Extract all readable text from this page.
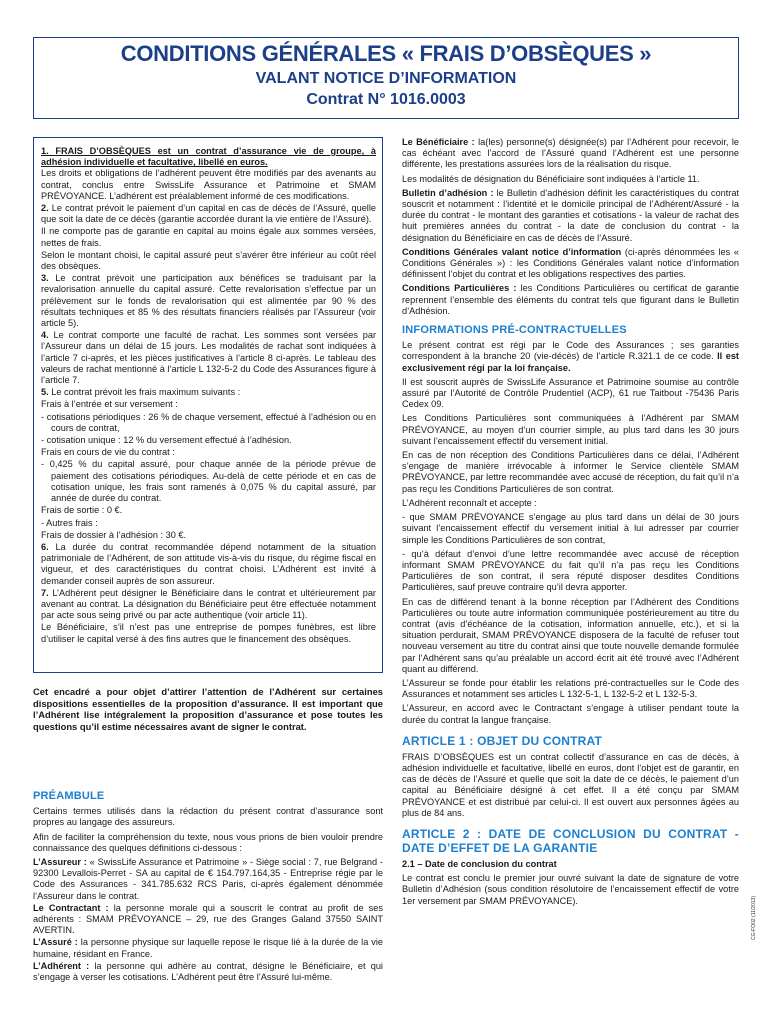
CONDITIONS GÉNÉRALES « FRAIS D’OBSÈQUES »
VALANT NOTICE D’INFORMATION
Contrat N° 1016.0003

1. FRAIS D’OBSÈQUES est un contrat d’assurance vie de groupe, à adhésion individuelle et facultative, libellé en euros.
Les droits et obligations de l’adhérent peuvent être modifiés par des avenants au contrat, conclus entre SwissLife Assurance et Patrimoine et SMAM PRÉVOYANCE. L’adhérent est préalablement informé de ces modifications.

2. Le contrat prévoit le paiement d’un capital en cas de décès de l’Assuré, quelle que soit la date de ce décès (garantie accordée durant la vie entière de l’Assuré).

Il ne comporte pas de garantie en capital au moins égale aux sommes versées, nettes de frais.

Selon le montant choisi, le capital assuré peut s’avérer être inférieur au coût réel des obsèques.

3. Le contrat prévoit une participation aux bénéfices se traduisant par la revalorisation annuelle du capital assuré. Cette revalorisation s’effectue par un prélèvement sur le fonds de revalorisation qui est alimentée par 90 % des résultats techniques et 85 % des résultats financiers réalisés par l’Assureur (voir article 5).

4. Le contrat comporte une faculté de rachat. Les sommes sont versées par l’Assureur dans un délai de 15 jours. Les modalités de rachat sont indiquées à l’article 7 ci-après, et les pièces justificatives à l’article 8 ci-après. Le tableau des valeurs de rachat mentionné à l’article L 132-5-2 du Code des Assurances figure à l’article 7.

5. Le contrat prévoit les frais maximum suivants :

Frais à l’entrée et sur versement :

- cotisations périodiques : 26 % de chaque versement, effectué à l’adhésion ou en cours de contrat,

- cotisation unique : 12 % du versement effectué à l’adhésion.

Frais en cours de vie du contrat :

- 0,425 % du capital assuré, pour chaque année de la période prévue de paiement des cotisations périodiques. Au-delà de cette période et en cas de cotisation unique, les frais sont ramenés à 0,075 % du capital assuré, par année de durée du contrat.

Frais de sortie : 0 €.

- Autres frais :

Frais de dossier à l’adhésion : 30 €.

6. La durée du contrat recommandée dépend notamment de la situation patrimoniale de l’Adhérent, de son attitude vis-à-vis du risque, du régime fiscal en vigueur, et des caractéristiques du contrat choisi. L’Adhérent est invité à demander conseil auprès de son assureur.

7. L’Adhérent peut désigner le Bénéficiaire dans le contrat et ultérieurement par avenant au contrat. La désignation du Bénéficiaire peut être effectuée notamment par acte sous seing privé ou par acte authentique (voir article 11).

Le Bénéficiaire, s’il n’est pas une entreprise de pompes funèbres, est libre d’utiliser le capital versé à des fins autres que le financement des obsèques.

Cet encadré a pour objet d’attirer l’attention de l’Adhérent sur certaines dispositions essentielles de la proposition d’assurance. Il est important que l’Adhérent lise intégralement la proposition d’assurance et pose toutes les questions qu’il estime nécessaires avant de signer le contrat.
PRÉAMBULE

Certains termes utilisés dans la rédaction du présent contrat d’assurance sont propres au langage des assureurs.

Afin de faciliter la compréhension du texte, nous vous prions de bien vouloir prendre connaissance des quelques définitions ci-dessous :

L’Assureur : « SwissLife Assurance et Patrimoine » - Siège social : 7, rue Belgrand - 92300 Levallois-Perret - SA au capital de € 154.797.164,35 - Entreprise régie par le Code des Assurances - 341.785.632 RCS Paris, ci-après également dénommée l’Assureur dans le contrat.

Le Contractant : la personne morale qui a souscrit le contrat au profit de ses adhérents : SMAM PRÉVOYANCE – 29, rue des Granges Galand 37550 SAINT AVERTIN.

L’Assuré : la personne physique sur laquelle repose le risque lié à la durée de la vie humaine, résidant en France.

L’Adhérent : la personne qui adhère au contrat, désigne le Bénéficiaire, et qui s’engage à verser les cotisations. L’Adhérent peut être l’Assuré lui-même.

Le Bénéficiaire : la(les) personne(s) désignée(s) par l’Adhérent pour recevoir, le cas échéant avec l’accord de l’Assuré quand l’Adhérent est une personne différente, les prestations assurées lors de la réalisation du risque.

Les modalités de désignation du Bénéficiaire sont indiquées à l’article 11.

Bulletin d’adhésion : le Bulletin d’adhésion définit les caractéristiques du contrat souscrit et notamment : l’identité et le domicile principal de l’Adhérent/Assuré - la durée du contrat - le montant des garanties et cotisations - la valeur de rachat des huit premières années du contrat - la date de conclusion du contrat - la désignation du Bénéficiaire en cas de décès de l’Assuré.

Conditions Générales valant notice d’information (ci-après dénommées les « Conditions Générales ») : les Conditions Générales valant notice d’information définissent l’objet du contrat et les obligations respectives des parties.

Conditions Particulières : les Conditions Particulières ou certificat de garantie reprennent l’ensemble des éléments du contrat tels que figurant dans le Bulletin d’Adhésion.

INFORMATIONS PRÉ-CONTRACTUELLES

Le présent contrat est régi par le Code des Assurances ; ses garanties correspondent à la branche 20 (vie-décès) de l’article R.321.1 de ce code. Il est exclusivement régi par la loi française.

Il est souscrit auprès de SwissLife Assurance et Patrimoine soumise au contrôle assuré par l’Autorité de Contrôle Prudentiel (ACP), 61 rue Taitbout -75436 Paris Cedex 09.

Les Conditions Particulières sont communiquées à l’Adhérent par SMAM PRÉVOYANCE, au moyen d’un courrier simple, au plus tard dans les 30 jours suivant l’encaissement effectif du versement initial.

En cas de non réception des Conditions Particulières dans ce délai, l’Adhérent s’engage de manière irrévocable à informer le Service clientèle SMAM PRÉVOYANCE, par lettre recommandée avec accusé de réception, du fait qu’il n’a pas reçu les Conditions Particulières de son contrat.

L’Adhérent reconnaît et accepte :

- que SMAM PRÉVOYANCE s’engage au plus tard dans un délai de 30 jours suivant l’encaissement effectif du versement initial à lui adresser par courrier simple les Conditions Particulières de son contrat,

- qu’à défaut d’envoi d’une lettre recommandée avec accusé de réception informant SMAM PRÉVOYANCE du fait qu’il n’a pas reçu les Conditions Particulières de son contrat, il sera réputé disposer desdites Conditions Particulières, sauf preuve contraire qu’il devra apporter.

En cas de différend tenant à la bonne réception par l’Adhérent des Conditions Particulières ou toute autre information communiquée postérieurement au titre du contrat (avis d’échéance de la cotisation, information annuelle, etc.), et si la situation perdurait, SMAM PRÉVOYANCE disposera de la faculté de refuser tout nouveau versement au titre du contrat ainsi que toute nouvelle demande formulée par l’Adhérent sans qu’au préalable un accord écrit ait été trouvé avec l’Adhérent quant au différend.

L’Assureur se fonde pour établir les relations pré-contractuelles sur le Code des Assurances et notamment ses articles L 132-5-1, L 132-5-2 et L 132-5-3.

L’Assureur, en accord avec le Contractant s’engage à utiliser pendant toute la durée du contrat la langue française.

ARTICLE 1 : OBJET DU CONTRAT

FRAIS D’OBSÈQUES est un contrat collectif d’assurance en cas de décès, à adhésion individuelle et facultative, libellé en euros, dont l’objet est de garantir, en cas de décès de l’Assuré et quelle que soit la date de ce décès, le paiement d’un capital au Bénéficiaire désigné à cet effet. Il a été conçu par SMAM PRÉVOYANCE et est distribué par celui-ci. Il est ouvert aux personnes âgées au plus de 84 ans.

ARTICLE 2 : DATE DE CONCLUSION DU CONTRAT - DATE D’EFFET DE LA GARANTIE

2.1 – Date de conclusion du contrat

Le contrat est conclu le premier jour ouvré suivant la date de signature de votre Bulletin d’Adhésion (sous condition résolutoire de l’encaissement effectif de votre 1er versement par SMAM PRÉVOYANCE).	CG-FO02 (11/2013)
